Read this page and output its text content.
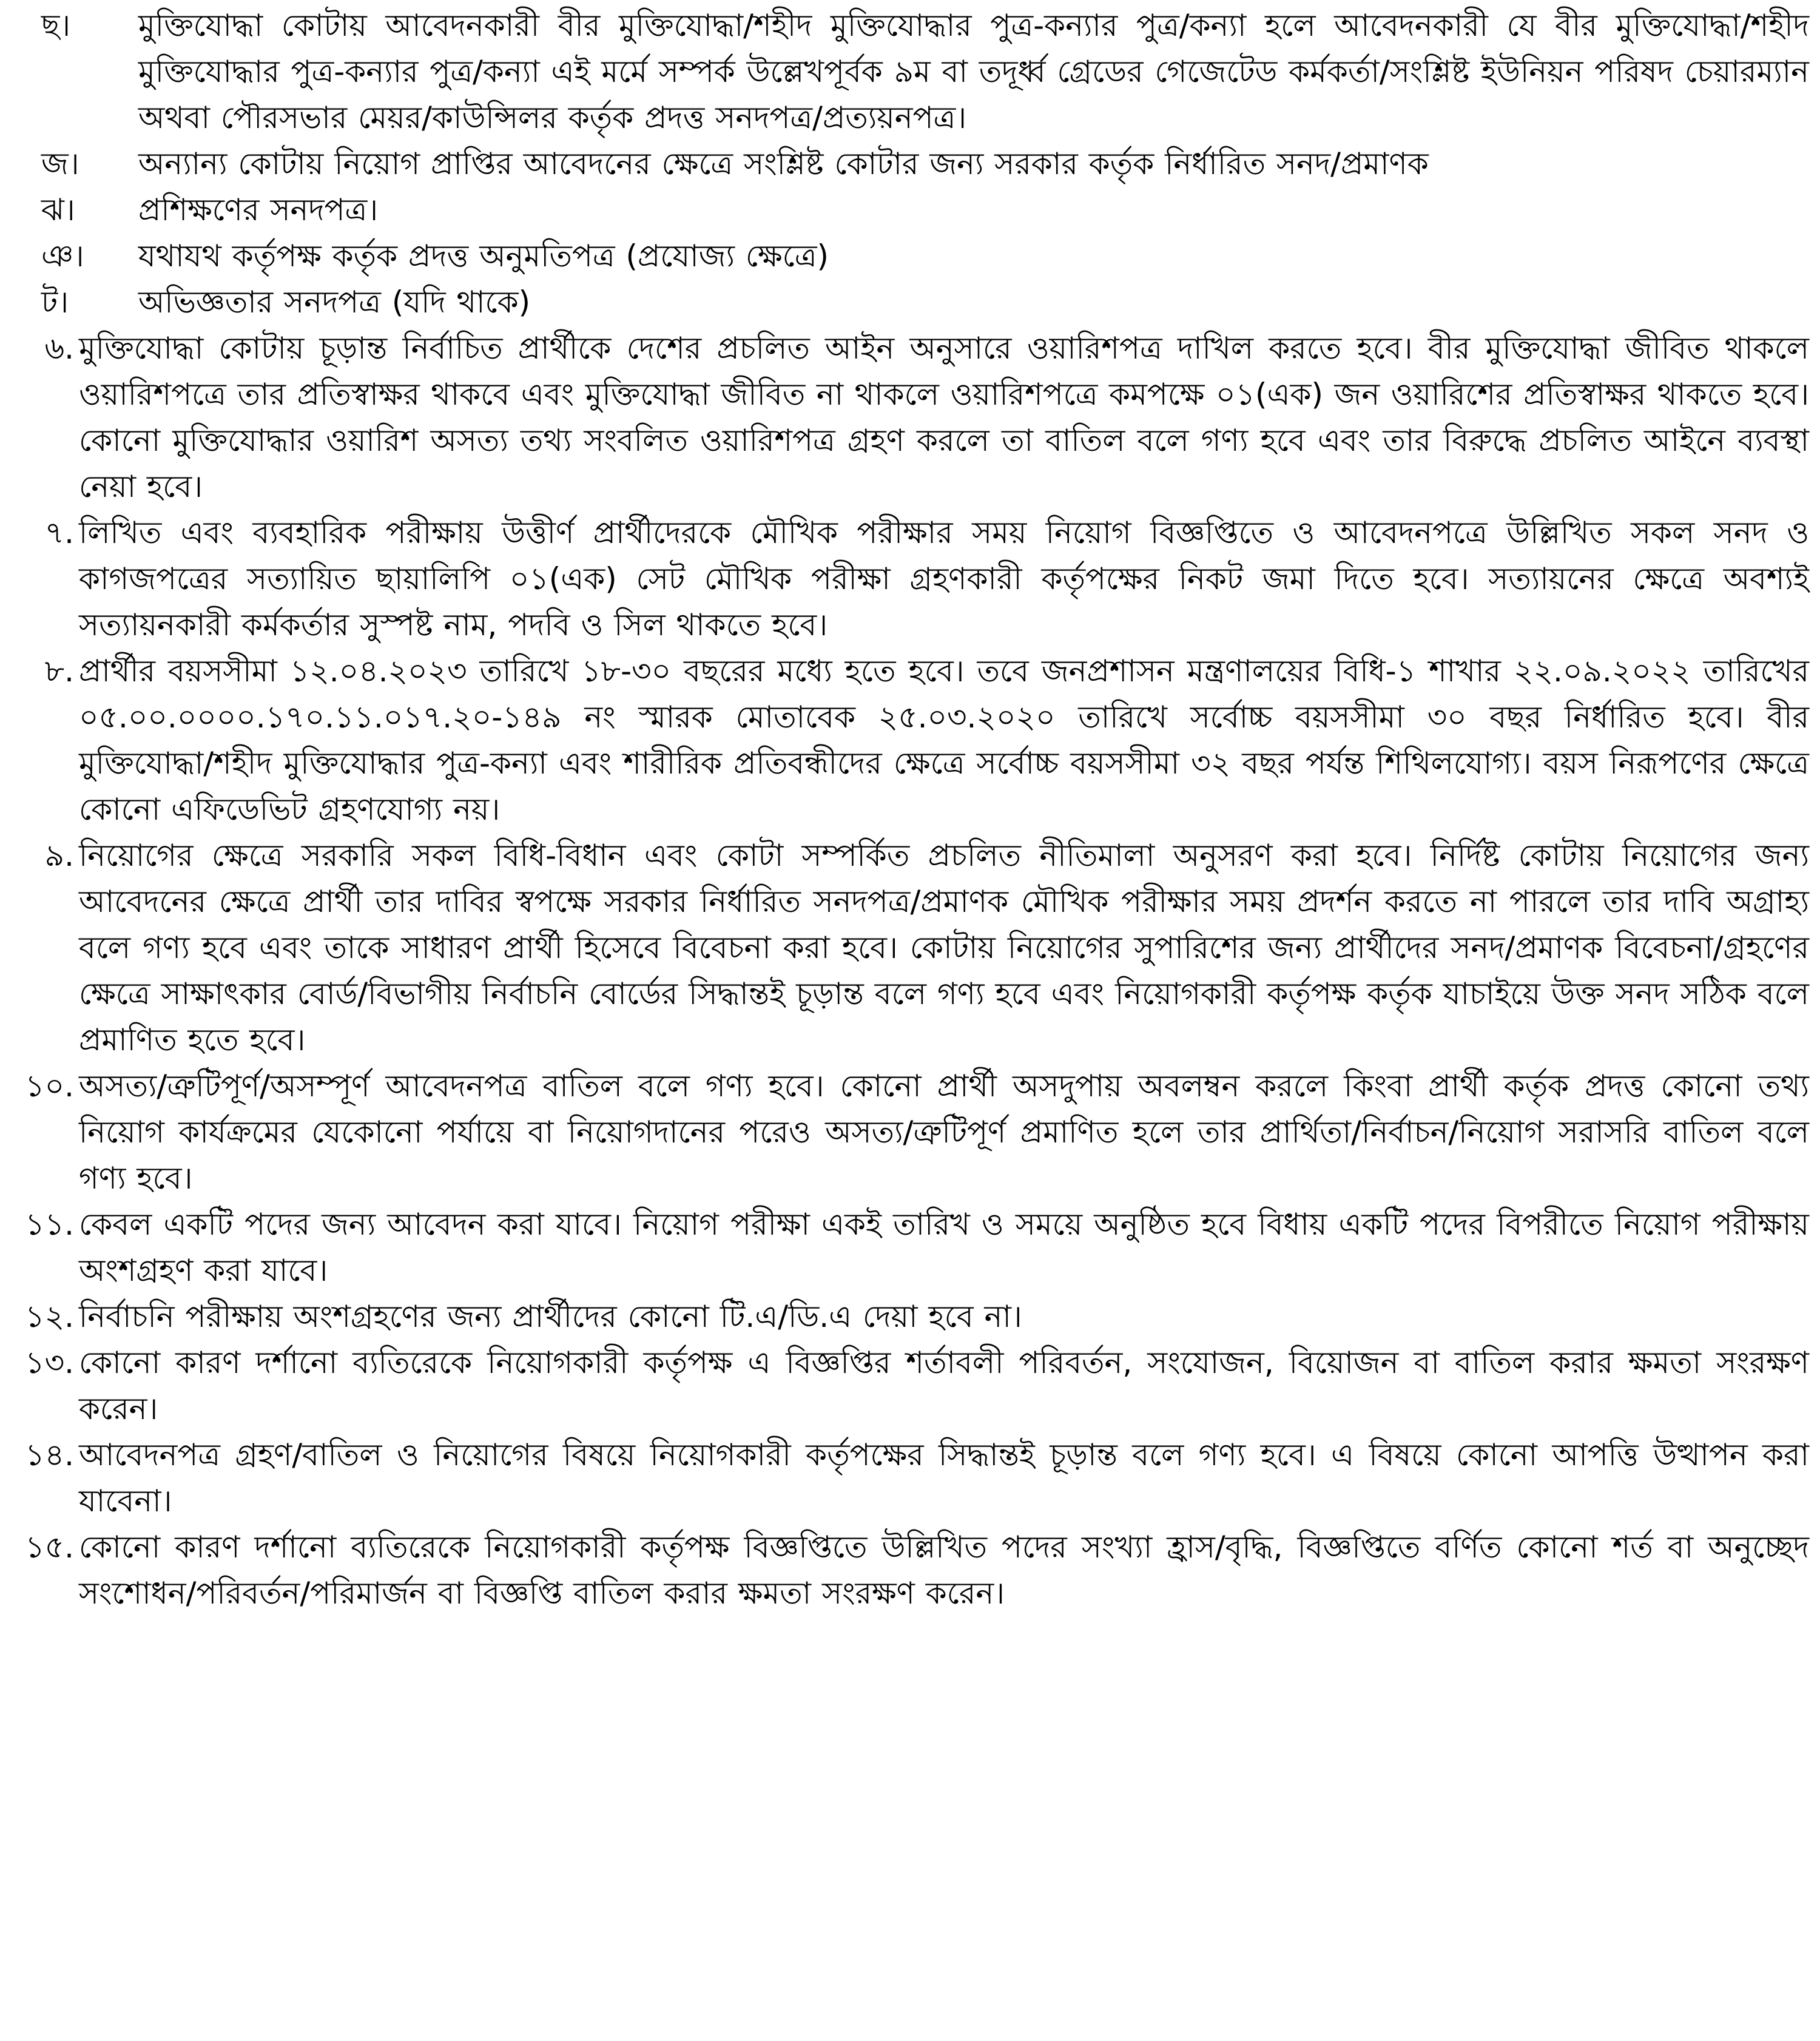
ছ।	মুক্তিযোদ্ধা কোটায় আবেদনকারী বীর মুক্তিযোদ্ধা/শহীদ মুক্তিযোদ্ধার পুত্র-কন্যার পুত্র/কন্যা হলে আবেদনকারী যে বীর মুক্তিযোদ্ধা/শহীদ মুক্তিযোদ্ধার পুত্র-কন্যার পুত্র/কন্যা এই মর্মে সম্পর্ক উল্লেখপূর্বক ৯ম বা তদূর্ধ্ব গ্রেডের গেজেটেড কর্মকর্তা/সংশ্লিষ্ট ইউনিয়ন পরিষদ চেয়ারম্যান অথবা পৌরসভার মেয়র/কাউন্সিলর কর্তৃক প্রদত্ত সনদপত্র/প্রত্যয়নপত্র।
জ।	অন্যান্য কোটায় নিয়োগ প্রাপ্তির আবেদনের ক্ষেত্রে সংশ্লিষ্ট কোটার জন্য সরকার কর্তৃক নির্ধারিত সনদ/প্রমাণক
ঝ।	প্রশিক্ষণের সনদপত্র।
ঞ।	যথাযথ কর্তৃপক্ষ কর্তৃক প্রদত্ত অনুমতিপত্র (প্রযোজ্য ক্ষেত্রে)
ট।	অভিজ্ঞতার সনদপত্র (যদি থাকে)
৬. মুক্তিযোদ্ধা কোটায় চূড়ান্ত নির্বাচিত প্রার্থীকে দেশের প্রচলিত আইন অনুসারে ওয়ারিশপত্র দাখিল করতে হবে। বীর মুক্তিযোদ্ধা জীবিত থাকলে ওয়ারিশপত্রে তার প্রতিস্বাক্ষর থাকবে এবং মুক্তিযোদ্ধা জীবিত না থাকলে ওয়ারিশপত্রে কমপক্ষে ০১(এক) জন ওয়ারিশের প্রতিস্বাক্ষর থাকতে হবে। কোনো মুক্তিযোদ্ধার ওয়ারিশ অসত্য তথ্য সংবলিত ওয়ারিশপত্র গ্রহণ করলে তা বাতিল বলে গণ্য হবে এবং তার বিরুদ্ধে প্রচলিত আইনে ব্যবস্থা নেয়া হবে।
৭. লিখিত এবং ব্যবহারিক পরীক্ষায় উত্তীর্ণ প্রার্থীদেরকে মৌখিক পরীক্ষার সময় নিয়োগ বিজ্ঞপ্তিতে ও আবেদনপত্রে উল্লিখিত সকল সনদ ও কাগজপত্রের সত্যায়িত ছায়ালিপি ০১(এক) সেট মৌখিক পরীক্ষা গ্রহণকারী কর্তৃপক্ষের নিকট জমা দিতে হবে। সত্যায়নের ক্ষেত্রে অবশ্যই সত্যায়নকারী কর্মকর্তার সুস্পষ্ট নাম, পদবি ও সিল থাকতে হবে।
৮. প্রার্থীর বয়সসীমা ১২.০৪.২০২৩ তারিখে ১৮-৩০ বছরের মধ্যে হতে হবে। তবে জনপ্রশাসন মন্ত্রণালয়ের বিধি-১ শাখার ২২.০৯.২০২২ তারিখের ০৫.০০.০০০০.১৭০.১১.০১৭.২০-১৪৯ নং স্মারক মোতাবেক ২৫.০৩.২০২০ তারিখে সর্বোচ্চ বয়সসীমা ৩০ বছর নির্ধারিত হবে। বীর মুক্তিযোদ্ধা/শহীদ মুক্তিযোদ্ধার পুত্র-কন্যা এবং শারীরিক প্রতিবন্ধীদের ক্ষেত্রে সর্বোচ্চ বয়সসীমা ৩২ বছর পর্যন্ত শিথিলযোগ্য। বয়স নিরূপণের ক্ষেত্রে কোনো এফিডেভিট গ্রহণযোগ্য নয়।
৯. নিয়োগের ক্ষেত্রে সরকারি সকল বিধি-বিধান এবং কোটা সম্পর্কিত প্রচলিত নীতিমালা অনুসরণ করা হবে। নির্দিষ্ট কোটায় নিয়োগের জন্য আবেদনের ক্ষেত্রে প্রার্থী তার দাবির স্বপক্ষে সরকার নির্ধারিত সনদপত্র/প্রমাণক মৌখিক পরীক্ষার সময় প্রদর্শন করতে না পারলে তার দাবি অগ্রাহ্য বলে গণ্য হবে এবং তাকে সাধারণ প্রার্থী হিসেবে বিবেচনা করা হবে। কোটায় নিয়োগের সুপারিশের জন্য প্রার্থীদের সনদ/প্রমাণক বিবেচনা/গ্রহণের ক্ষেত্রে সাক্ষাৎকার বোর্ড/বিভাগীয় নির্বাচনি বোর্ডের সিদ্ধান্তই চূড়ান্ত বলে গণ্য হবে এবং নিয়োগকারী কর্তৃপক্ষ কর্তৃক যাচাইয়ে উক্ত সনদ সঠিক বলে প্রমাণিত হতে হবে।
১০. অসত্য/ত্রুটিপূর্ণ/অসম্পূর্ণ আবেদনপত্র বাতিল বলে গণ্য হবে। কোনো প্রার্থী অসদুপায় অবলম্বন করলে কিংবা প্রার্থী কর্তৃক প্রদত্ত কোনো তথ্য নিয়োগ কার্যক্রমের যেকোনো পর্যায়ে বা নিয়োগদানের পরেও অসত্য/ত্রুটিপূর্ণ প্রমাণিত হলে তার প্রার্থিতা/নির্বাচন/নিয়োগ সরাসরি বাতিল বলে গণ্য হবে।
১১. কেবল একটি পদের জন্য আবেদন করা যাবে। নিয়োগ পরীক্ষা একই তারিখ ও সময়ে অনুষ্ঠিত হবে বিধায় একটি পদের বিপরীতে নিয়োগ পরীক্ষায় অংশগ্রহণ করা যাবে।
১২. নির্বাচনি পরীক্ষায় অংশগ্রহণের জন্য প্রার্থীদের কোনো টি.এ/ডি.এ দেয়া হবে না।
১৩. কোনো কারণ দর্শানো ব্যতিরেকে নিয়োগকারী কর্তৃপক্ষ এ বিজ্ঞপ্তির শর্তাবলী পরিবর্তন, সংযোজন, বিয়োজন বা বাতিল করার ক্ষমতা সংরক্ষণ করেন।
১৪. আবেদনপত্র গ্রহণ/বাতিল ও নিয়োগের বিষয়ে নিয়োগকারী কর্তৃপক্ষের সিদ্ধান্তই চূড়ান্ত বলে গণ্য হবে। এ বিষয়ে কোনো আপত্তি উত্থাপন করা যাবেনা।
১৫. কোনো কারণ দর্শানো ব্যতিরেকে নিয়োগকারী কর্তৃপক্ষ বিজ্ঞপ্তিতে উল্লিখিত পদের সংখ্যা হ্রাস/বৃদ্ধি, বিজ্ঞপ্তিতে বর্ণিত কোনো শর্ত বা অনুচ্ছেদ সংশোধন/পরিবর্তন/পরিমার্জন বা বিজ্ঞপ্তি বাতিল করার ক্ষমতা সংরক্ষণ করেন।
